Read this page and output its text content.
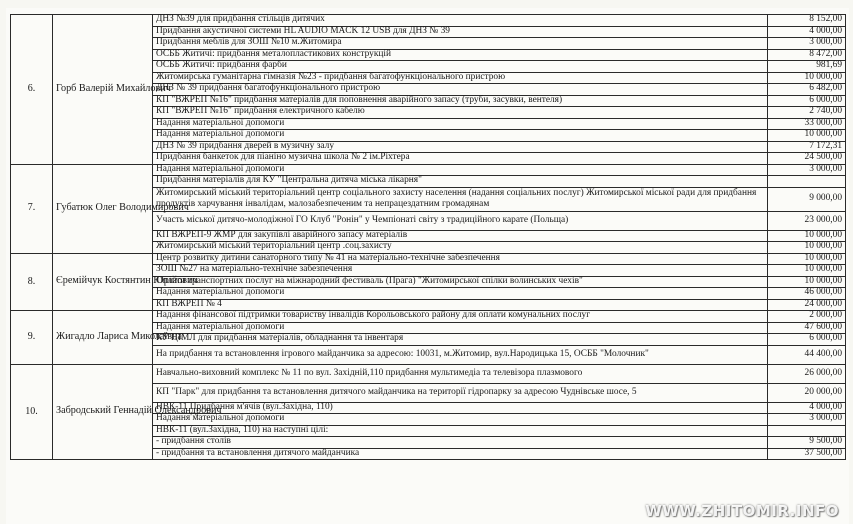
6.	Горб Валерій Михайлович	ДНЗ №39 для придбання стільців дитячих	8 152,00
		Придбання акустичної системи HL AUDIO MACK 12 USB для ДНЗ № 39	4 000,00
		Придбання меблів для ЗОШ №10 м.Житомира	3 000,00
		ОСББ Житичі: придбання металопластикових конструкцій	8 472,00
		ОСББ Житичі: придбання фарби	981,69
		Житомирська гуманітарна гімназія №23 - придбання багатофункціонального пристрою	10 000,00
		ДНЗ № 39 придбання багатофункціонального пристрою	6 482,00
		КП "ВЖРЕП №16" придбання матеріалів для поповнення аварійного запасу (труби, засувки, вентеля)	6 000,00
		КП "ВЖРЕП №16" придбання електричного кабелю	2 740,00
		Надання матеріальної допомоги	33 000,00
		Надання матеріальної допомоги	10 000,00
		ДНЗ № 39 придбання дверей в музичну залу	7 172,31
		Придбання банкеток для піаніно музична школа № 2 ім.Ріхтера	24 500,00
7.	Губатюк Олег Володимирович	Надання матеріальної допомоги	3 000,00
		Придбання матеріалів для КУ "Центральна дитяча міська лікарня"	
		Житомирський міський територіальний центр соціального захисту населення (надання соціальних послуг) Житомирської міської ради для придбання продуктів харчування інвалідам, малозабезпеченим та непрацездатним громадянам	9 000,00
		Участь міської дитячо-молодіжної ГО Клуб "Ронін" у Чемпіонаті світу з традиційного карате (Польща)	23 000,00
		КП ВЖРЕП-9 ЖМР для закупівлі аварійного запасу матеріалів	10 000,00
		Житомирський міський територіальний центр .соц.захисту	10 000,00
8.	Єремійчук Костянтин Юрійович	Центр розвитку дитини санаторного типу № 41 на матеріально-технічне забезпечення	10 000,00
		ЗОШ №27 на матеріально-технічне забезпечення	10 000,00
		Оплати транспортних послуг на міжнародний фестиваль (Прага) "Житомирської спілки волинських чехів"	10 000,00
		Надання матеріальної допомоги	46 000,00
		КП ВЖРЕП № 4	24 000,00
9.	Жигадло Лариса Миколаївна	Надання фінансової підтримки товариству інвалідів Корольовського району для оплати комунальних послуг	2 000,00
		Надання матеріальної допомоги	47 600,00
		КУ ЦІМЛ для придбання матеріалів, обладнання та інвентаря	6 000,00
		На придбання та встановлення ігрового майданчика за адресою: 10031, м.Житомир, вул.Народицька 15, ОСББ "Молочник"	44 400,00
10.	Забродський Геннадій Олександрович	Навчально-виховний комплекс № 11 по вул. Західній,110 придбання мультимедіа та телевізора плазмового	26 000,00
		КП "Парк" для придбання та встановлення дитячого майданчика на території гідропарку за адресою Чуднівське шосе, 5	20 000,00
		НВК-11 Придбання м'ячів (вул.Західна, 110)	4 000,00
		Надання матеріальної допомоги	3 000,00
		НВК-11 (вул.Західна, 110) на наступні цілі:	
		- придбання столів	9 500,00
		- придбання та встановлення дитячого майданчика	37 500,00
WWW.ZHITOMIR.INFO
